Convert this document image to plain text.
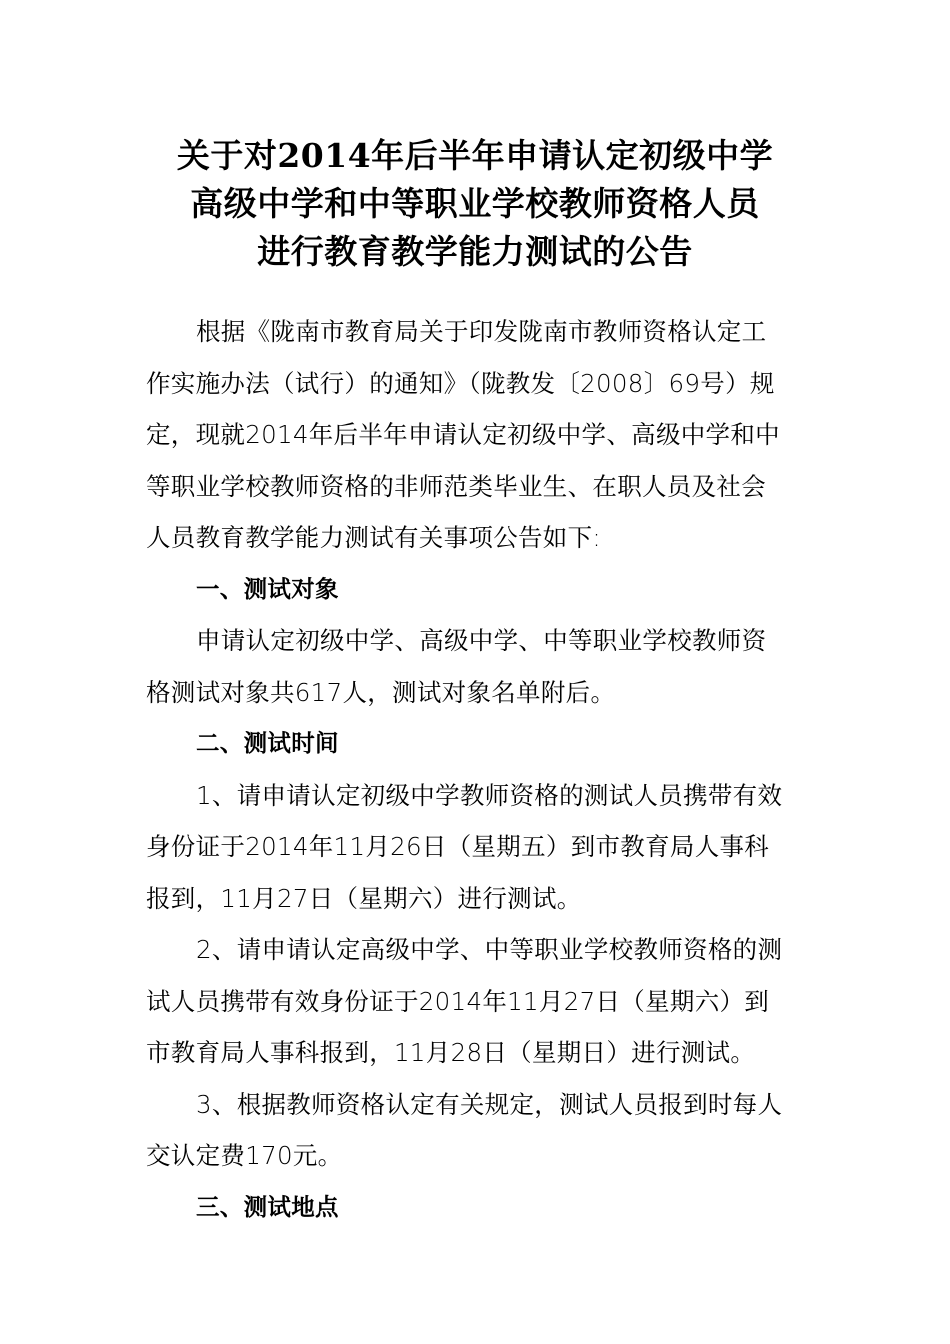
关于对2014年后半年申请认定初级中学
高级中学和中等职业学校教师资格人员
进行教育教学能力测试的公告
根据《陇南市教育局关于印发陇南市教师资格认定工
作实施办法（试行）的通知》（陇教发〔2008〕69号）规
定，现就2014年后半年申请认定初级中学、高级中学和中
等职业学校教师资格的非师范类毕业生、在职人员及社会
人员教育教学能力测试有关事项公告如下:
一、测试对象
申请认定初级中学、高级中学、中等职业学校教师资
格测试对象共617人，测试对象名单附后。
二、测试时间
1、请申请认定初级中学教师资格的测试人员携带有效
身份证于2014年11月26日（星期五）到市教育局人事科
报到，11月27日（星期六）进行测试。
2、请申请认定高级中学、中等职业学校教师资格的测
试人员携带有效身份证于2014年11月27日（星期六）到
市教育局人事科报到，11月28日（星期日）进行测试。
3、根据教师资格认定有关规定，测试人员报到时每人
交认定费170元。
三、测试地点
